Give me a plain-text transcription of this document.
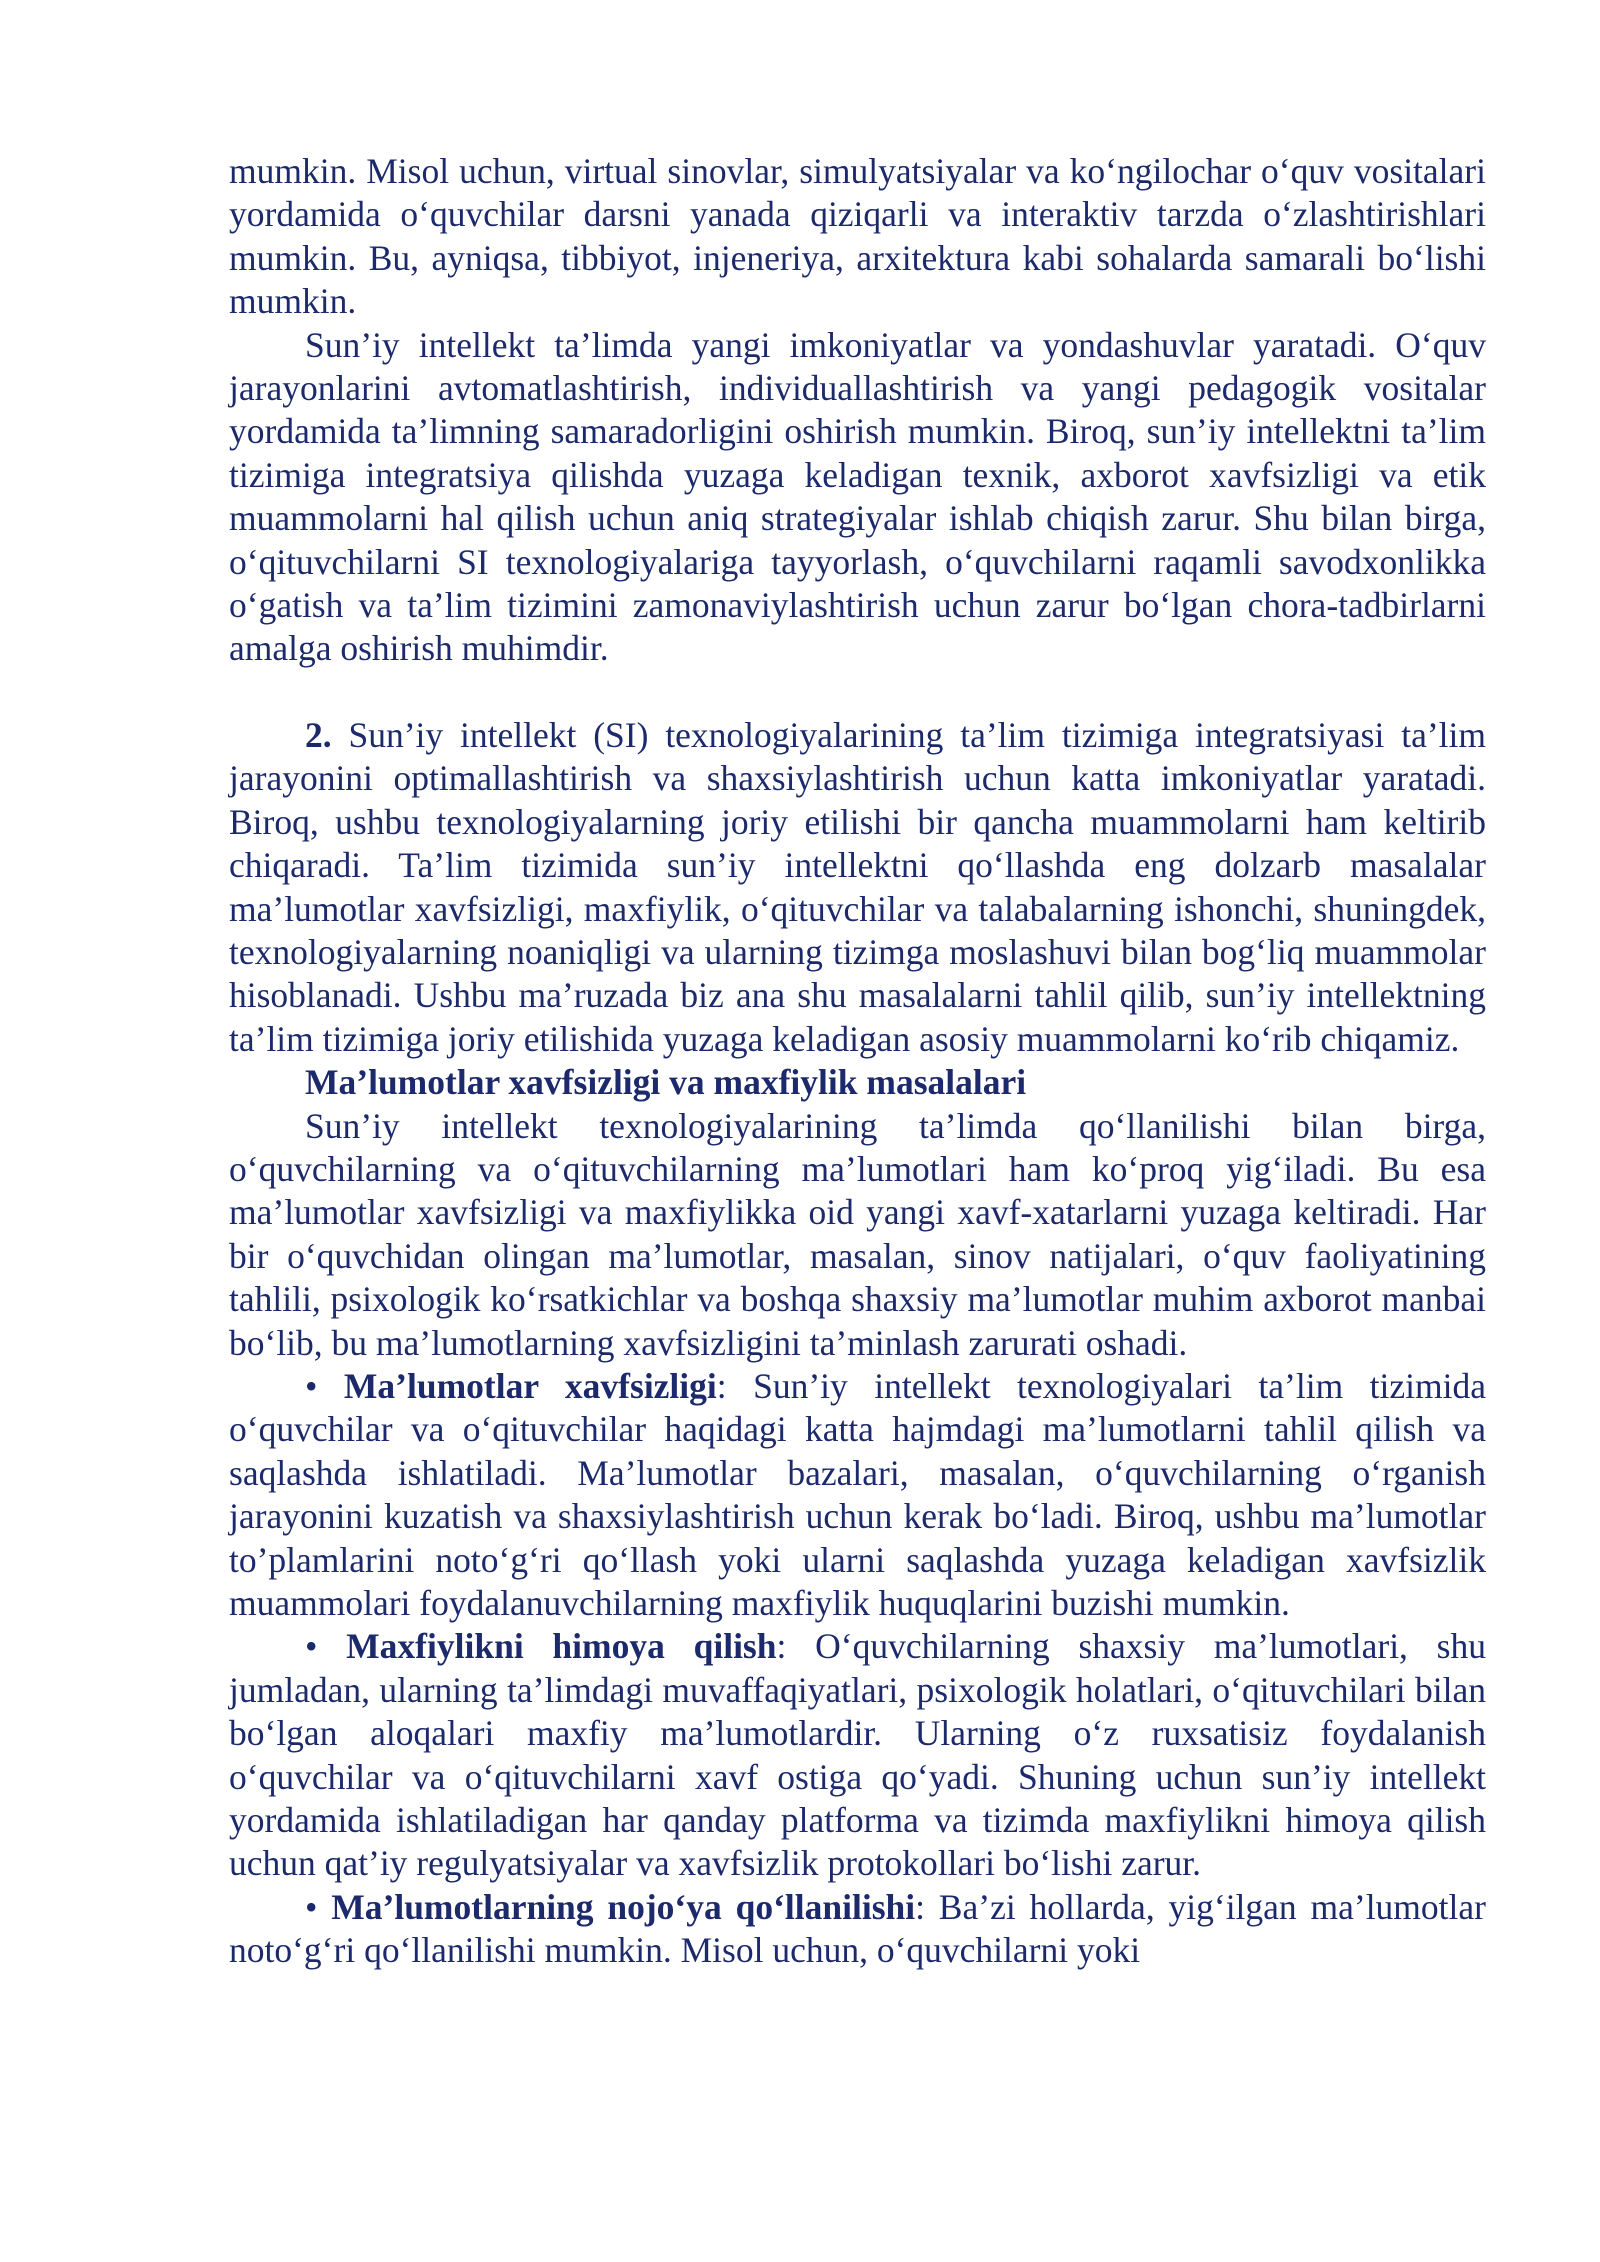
mumkin. Misol uchun, virtual sinovlar, simulyatsiyalar va ko‘ngilochar o‘quv vositalari yordamida o‘quvchilar darsni yanada qiziqarli va interaktiv tarzda o‘zlashtirishlari mumkin. Bu, ayniqsa, tibbiyot, injeneriya, arxitektura kabi sohalarda samarali bo‘lishi mumkin.

Sun’iy intellekt ta’limda yangi imkoniyatlar va yondashuvlar yaratadi. O‘quv jarayonlarini avtomatlashtirish, individuallashtirish va yangi pedagogik vositalar yordamida ta’limning samaradorligini oshirish mumkin. Biroq, sun’iy intellektni ta’lim tizimiga integratsiya qilishda yuzaga keladigan texnik, axborot xavfsizligi va etik muammolarni hal qilish uchun aniq strategiyalar ishlab chiqish zarur. Shu bilan birga, o‘qituvchilarni SI texnologiyalariga tayyorlash, o‘quvchilarni raqamli savodxonlikka o‘gatish va ta’lim tizimini zamonaviylashtirish uchun zarur bo‘lgan chora-tadbirlarni amalga oshirish muhimdir.

2. Sun’iy intellekt (SI) texnologiyalarining ta’lim tizimiga integratsiyasi ta’lim jarayonini optimallashtirish va shaxsiylashtirish uchun katta imkoniyatlar yaratadi. Biroq, ushbu texnologiyalarning joriy etilishi bir qancha muammolarni ham keltirib chiqaradi. Ta’lim tizimida sun’iy intellektni qo‘llashda eng dolzarb masalalar ma’lumotlar xavfsizligi, maxfiylik, o‘qituvchilar va talabalarning ishonchi, shuningdek, texnologiyalarning noaniqligi va ularning tizimga moslashuvi bilan bog‘liq muammolar hisoblanadi. Ushbu ma’ruzada biz ana shu masalalarni tahlil qilib, sun’iy intellektning ta’lim tizimiga joriy etilishida yuzaga keladigan asosiy muammolarni ko‘rib chiqamiz.

Ma’lumotlar xavfsizligi va maxfiylik masalalari

Sun’iy intellekt texnologiyalarining ta’limda qo‘llanilishi bilan birga, o‘quvchilarning va o‘qituvchilarning ma’lumotlari ham ko‘proq yig‘iladi. Bu esa ma’lumotlar xavfsizligi va maxfiylikka oid yangi xavf-xatarlarni yuzaga keltiradi. Har bir o‘quvchidan olingan ma’lumotlar, masalan, sinov natijalari, o‘quv faoliyatining tahlili, psixologik ko‘rsatkichlar va boshqa shaxsiy ma’lumotlar muhim axborot manbai bo‘lib, bu ma’lumotlarning xavfsizligini ta’minlash zarurati oshadi.

• Ma’lumotlar xavfsizligi: Sun’iy intellekt texnologiyalari ta’lim tizimida o‘quvchilar va o‘qituvchilar haqidagi katta hajmdagi ma’lumotlarni tahlil qilish va saqlashda ishlatiladi. Ma’lumotlar bazalari, masalan, o‘quvchilarning o‘rganish jarayonini kuzatish va shaxsiylashtirish uchun kerak bo‘ladi. Biroq, ushbu ma’lumotlar to’plamlarini noto‘g‘ri qo‘llash yoki ularni saqlashda yuzaga keladigan xavfsizlik muammolari foydalanuvchilarning maxfiylik huquqlarini buzishi mumkin.

• Maxfiylikni himoya qilish: O‘quvchilarning shaxsiy ma’lumotlari, shu jumladan, ularning ta’limdagi muvaffaqiyatlari, psixologik holatlari, o‘qituvchilari bilan bo‘lgan aloqalari maxfiy ma’lumotlardir. Ularning o‘z ruxsatisiz foydalanish o‘quvchilar va o‘qituvchilarni xavf ostiga qo‘yadi. Shuning uchun sun’iy intellekt yordamida ishlatiladigan har qanday platforma va tizimda maxfiylikni himoya qilish uchun qat’iy regulyatsiyalar va xavfsizlik protokollari bo‘lishi zarur.

• Ma’lumotlarning nojo‘ya qo‘llanilishi: Ba’zi hollarda, yig‘ilgan ma’lumotlar noto‘g‘ri qo‘llanilishi mumkin. Misol uchun, o‘quvchilarni yoki
